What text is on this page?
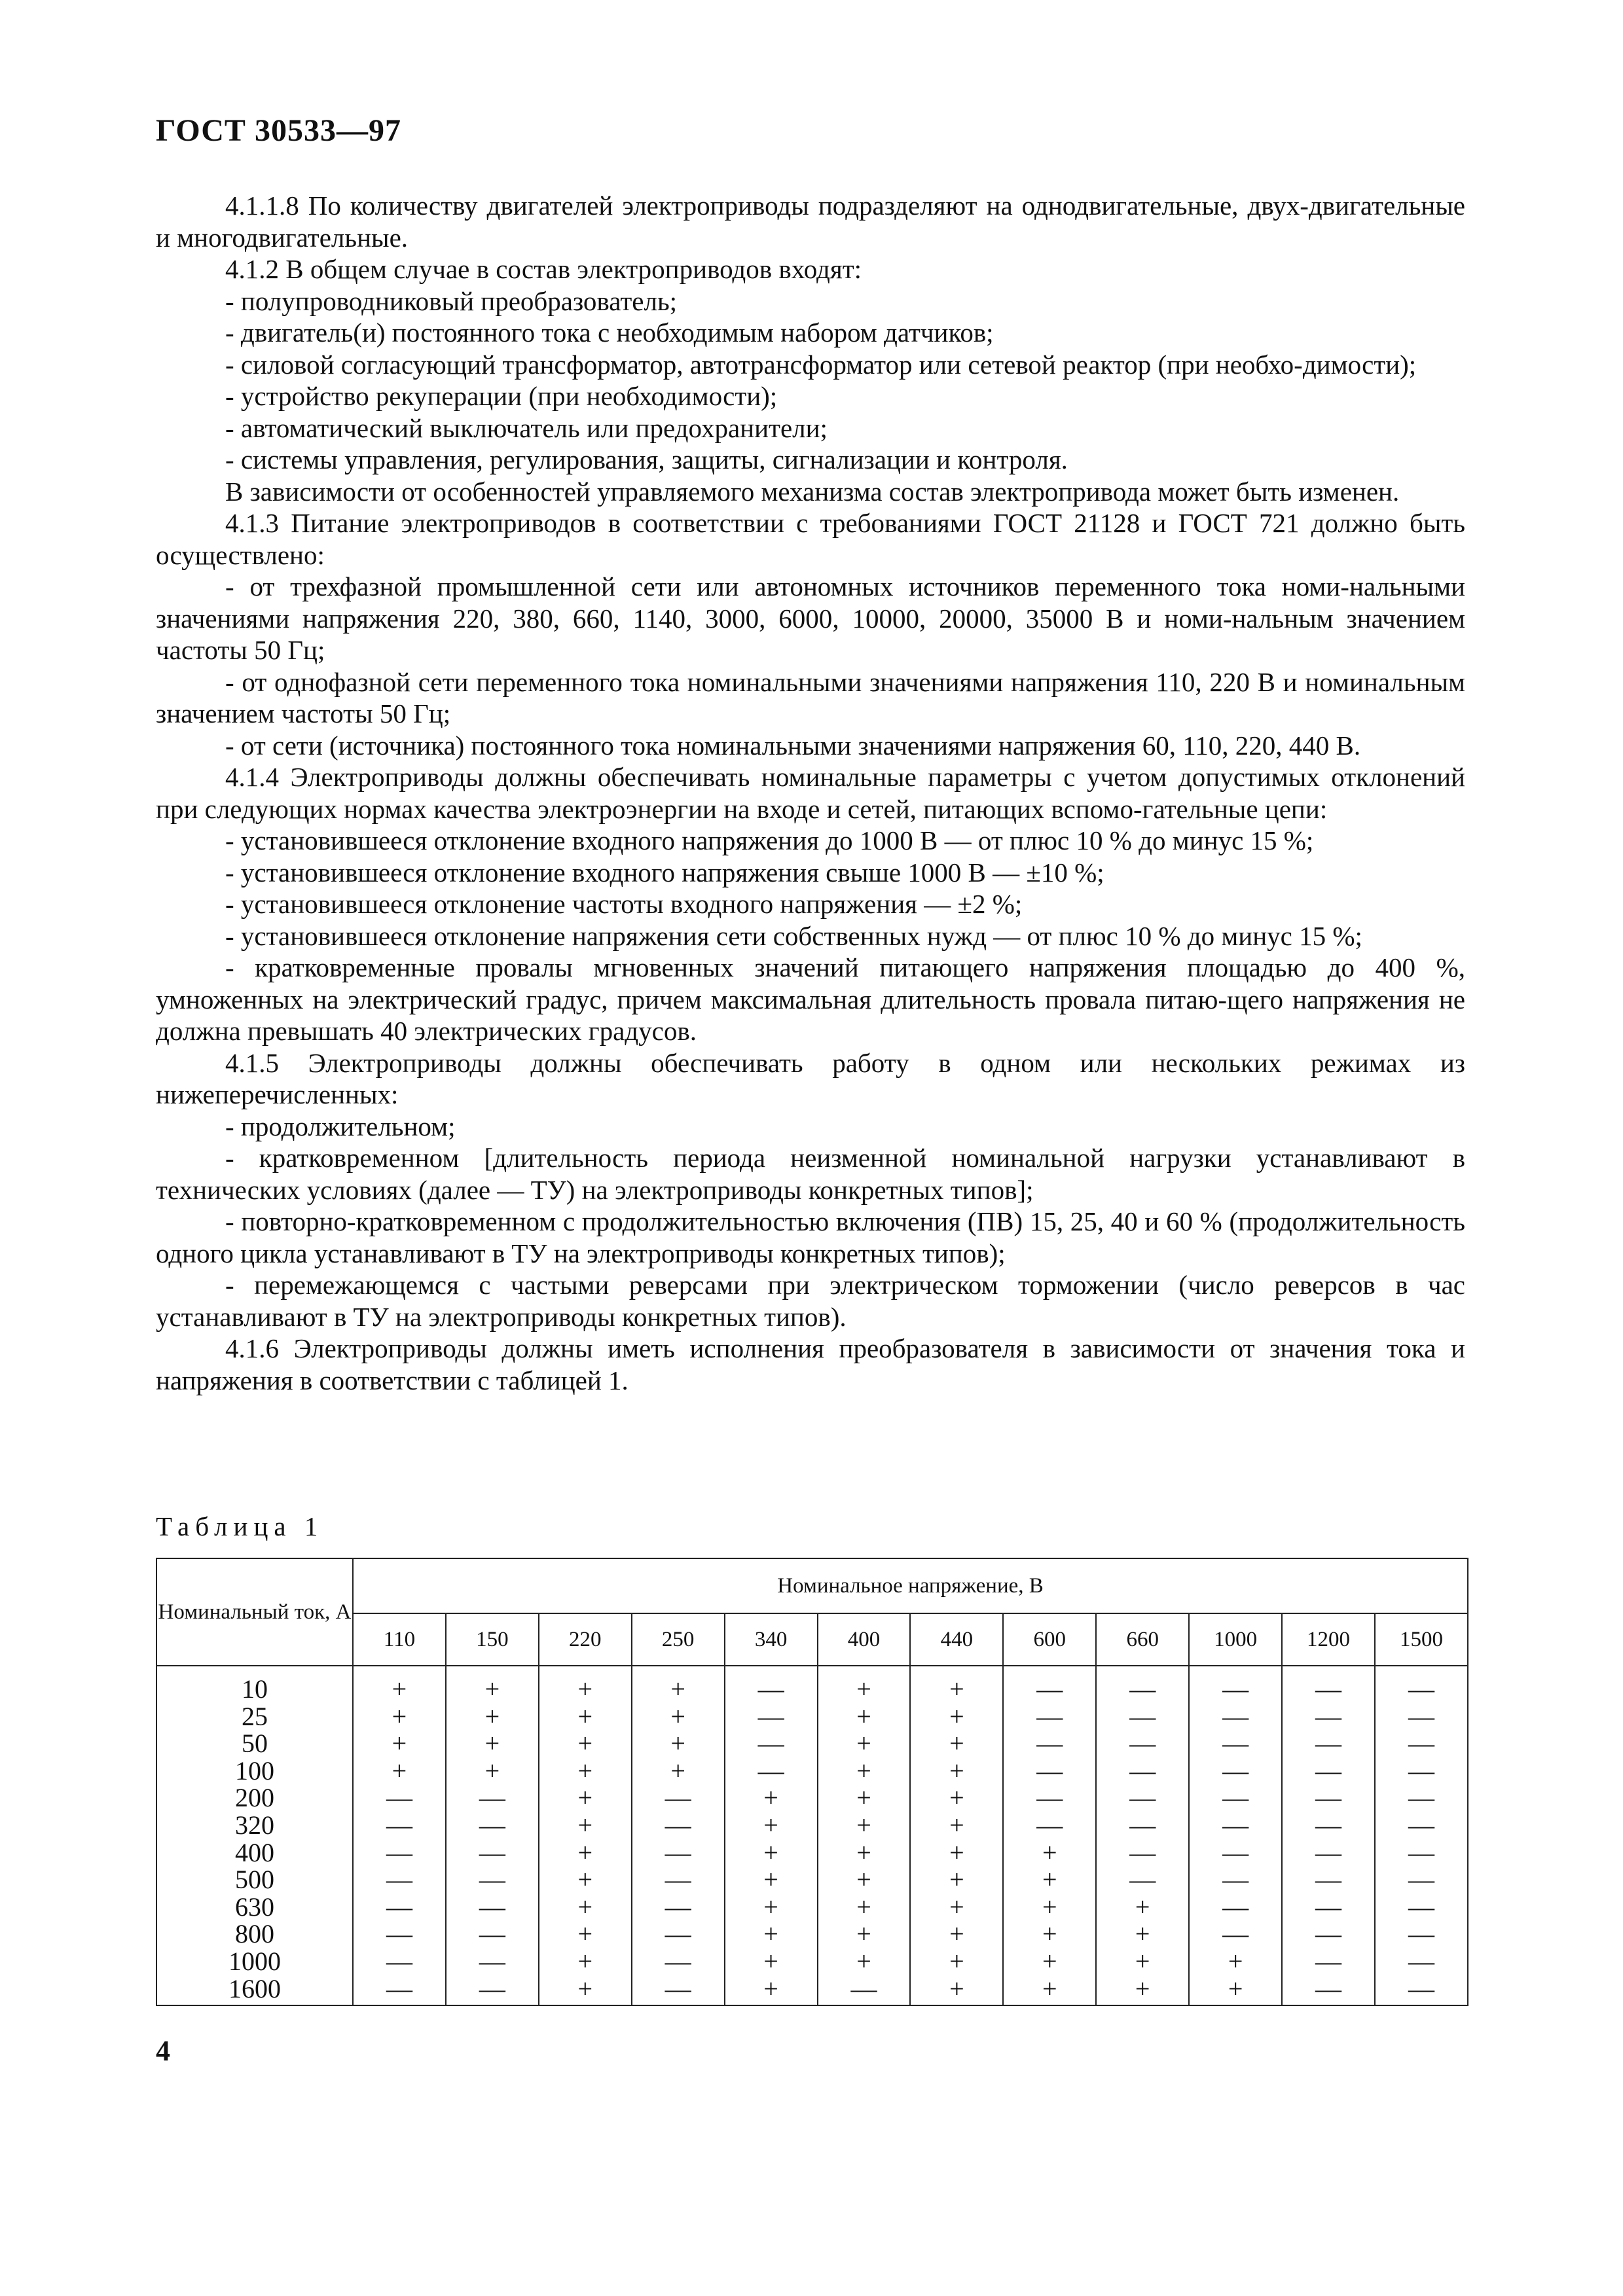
ГОСТ 30533—97

4.1.1.8 По количеству двигателей электроприводы подразделяют на однодвигательные, двух-двигательные и многодвигательные.

4.1.2 В общем случае в состав электроприводов входят:

- полупроводниковый преобразователь;

- двигатель(и) постоянного тока с необходимым набором датчиков;

- силовой согласующий трансформатор, автотрансформатор или сетевой реактор (при необхо-димости);

- устройство рекуперации (при необходимости);

- автоматический выключатель или предохранители;

- системы управления, регулирования, защиты, сигнализации и контроля.

В зависимости от особенностей управляемого механизма состав электропривода может быть изменен.

4.1.3 Питание электроприводов в соответствии с требованиями ГОСТ 21128 и ГОСТ 721 должно быть осуществлено:

- от трехфазной промышленной сети или автономных источников переменного тока номи-нальными значениями напряжения 220, 380, 660, 1140, 3000, 6000, 10000, 20000, 35000 В и номи-нальным значением частоты 50 Гц;

- от однофазной сети переменного тока номинальными значениями напряжения 110, 220 В и номинальным значением частоты 50 Гц;

- от сети (источника) постоянного тока номинальными значениями напряжения 60, 110, 220, 440 В.

4.1.4 Электроприводы должны обеспечивать номинальные параметры с учетом допустимых отклонений при следующих нормах качества электроэнергии на входе и сетей, питающих вспомо-гательные цепи:

- установившееся отклонение входного напряжения до 1000 В — от плюс 10 % до минус 15 %;

- установившееся отклонение входного напряжения свыше 1000 В — ±10 %;

- установившееся отклонение частоты входного напряжения — ±2 %;

- установившееся отклонение напряжения сети собственных нужд — от плюс 10 % до минус 15 %;

- кратковременные провалы мгновенных значений питающего напряжения площадью до 400 %, умноженных на электрический градус, причем максимальная длительность провала питаю-щего напряжения не должна превышать 40 электрических градусов.

4.1.5 Электроприводы должны обеспечивать работу в одном или нескольких режимах из нижеперечисленных:

- продолжительном;

- кратковременном [длительность периода неизменной номинальной нагрузки устанавливают в технических условиях (далее — ТУ) на электроприводы конкретных типов];

- повторно-кратковременном с продолжительностью включения (ПВ) 15, 25, 40 и 60 % (продолжительность одного цикла устанавливают в ТУ на электроприводы конкретных типов);

- перемежающемся с частыми реверсами при электрическом торможении (число реверсов в час устанавливают в ТУ на электроприводы конкретных типов).

4.1.6 Электроприводы должны иметь исполнения преобразователя в зависимости от значения тока и напряжения в соответствии с таблицей 1.

Таблица 1
Номинальный ток, А	Номинальное напряжение, В											
	110	150	220	250	340	400	440	600	660	1000	1200	1500
10	+	+	+	+	—	+	+	—	—	—	—	—
25	+	+	+	+	—	+	+	—	—	—	—	—
50	+	+	+	+	—	+	+	—	—	—	—	—
100	+	+	+	+	—	+	+	—	—	—	—	—
200	—	—	+	—	+	+	+	—	—	—	—	—
320	—	—	+	—	+	+	+	—	—	—	—	—
400	—	—	+	—	+	+	+	+	—	—	—	—
500	—	—	+	—	+	+	+	+	—	—	—	—
630	—	—	+	—	+	+	+	+	+	—	—	—
800	—	—	+	—	+	+	+	+	+	—	—	—
1000	—	—	+	—	+	+	+	+	+	+	—	—
1600	—	—	+	—	+	—	+	+	+	+	—	—
4
